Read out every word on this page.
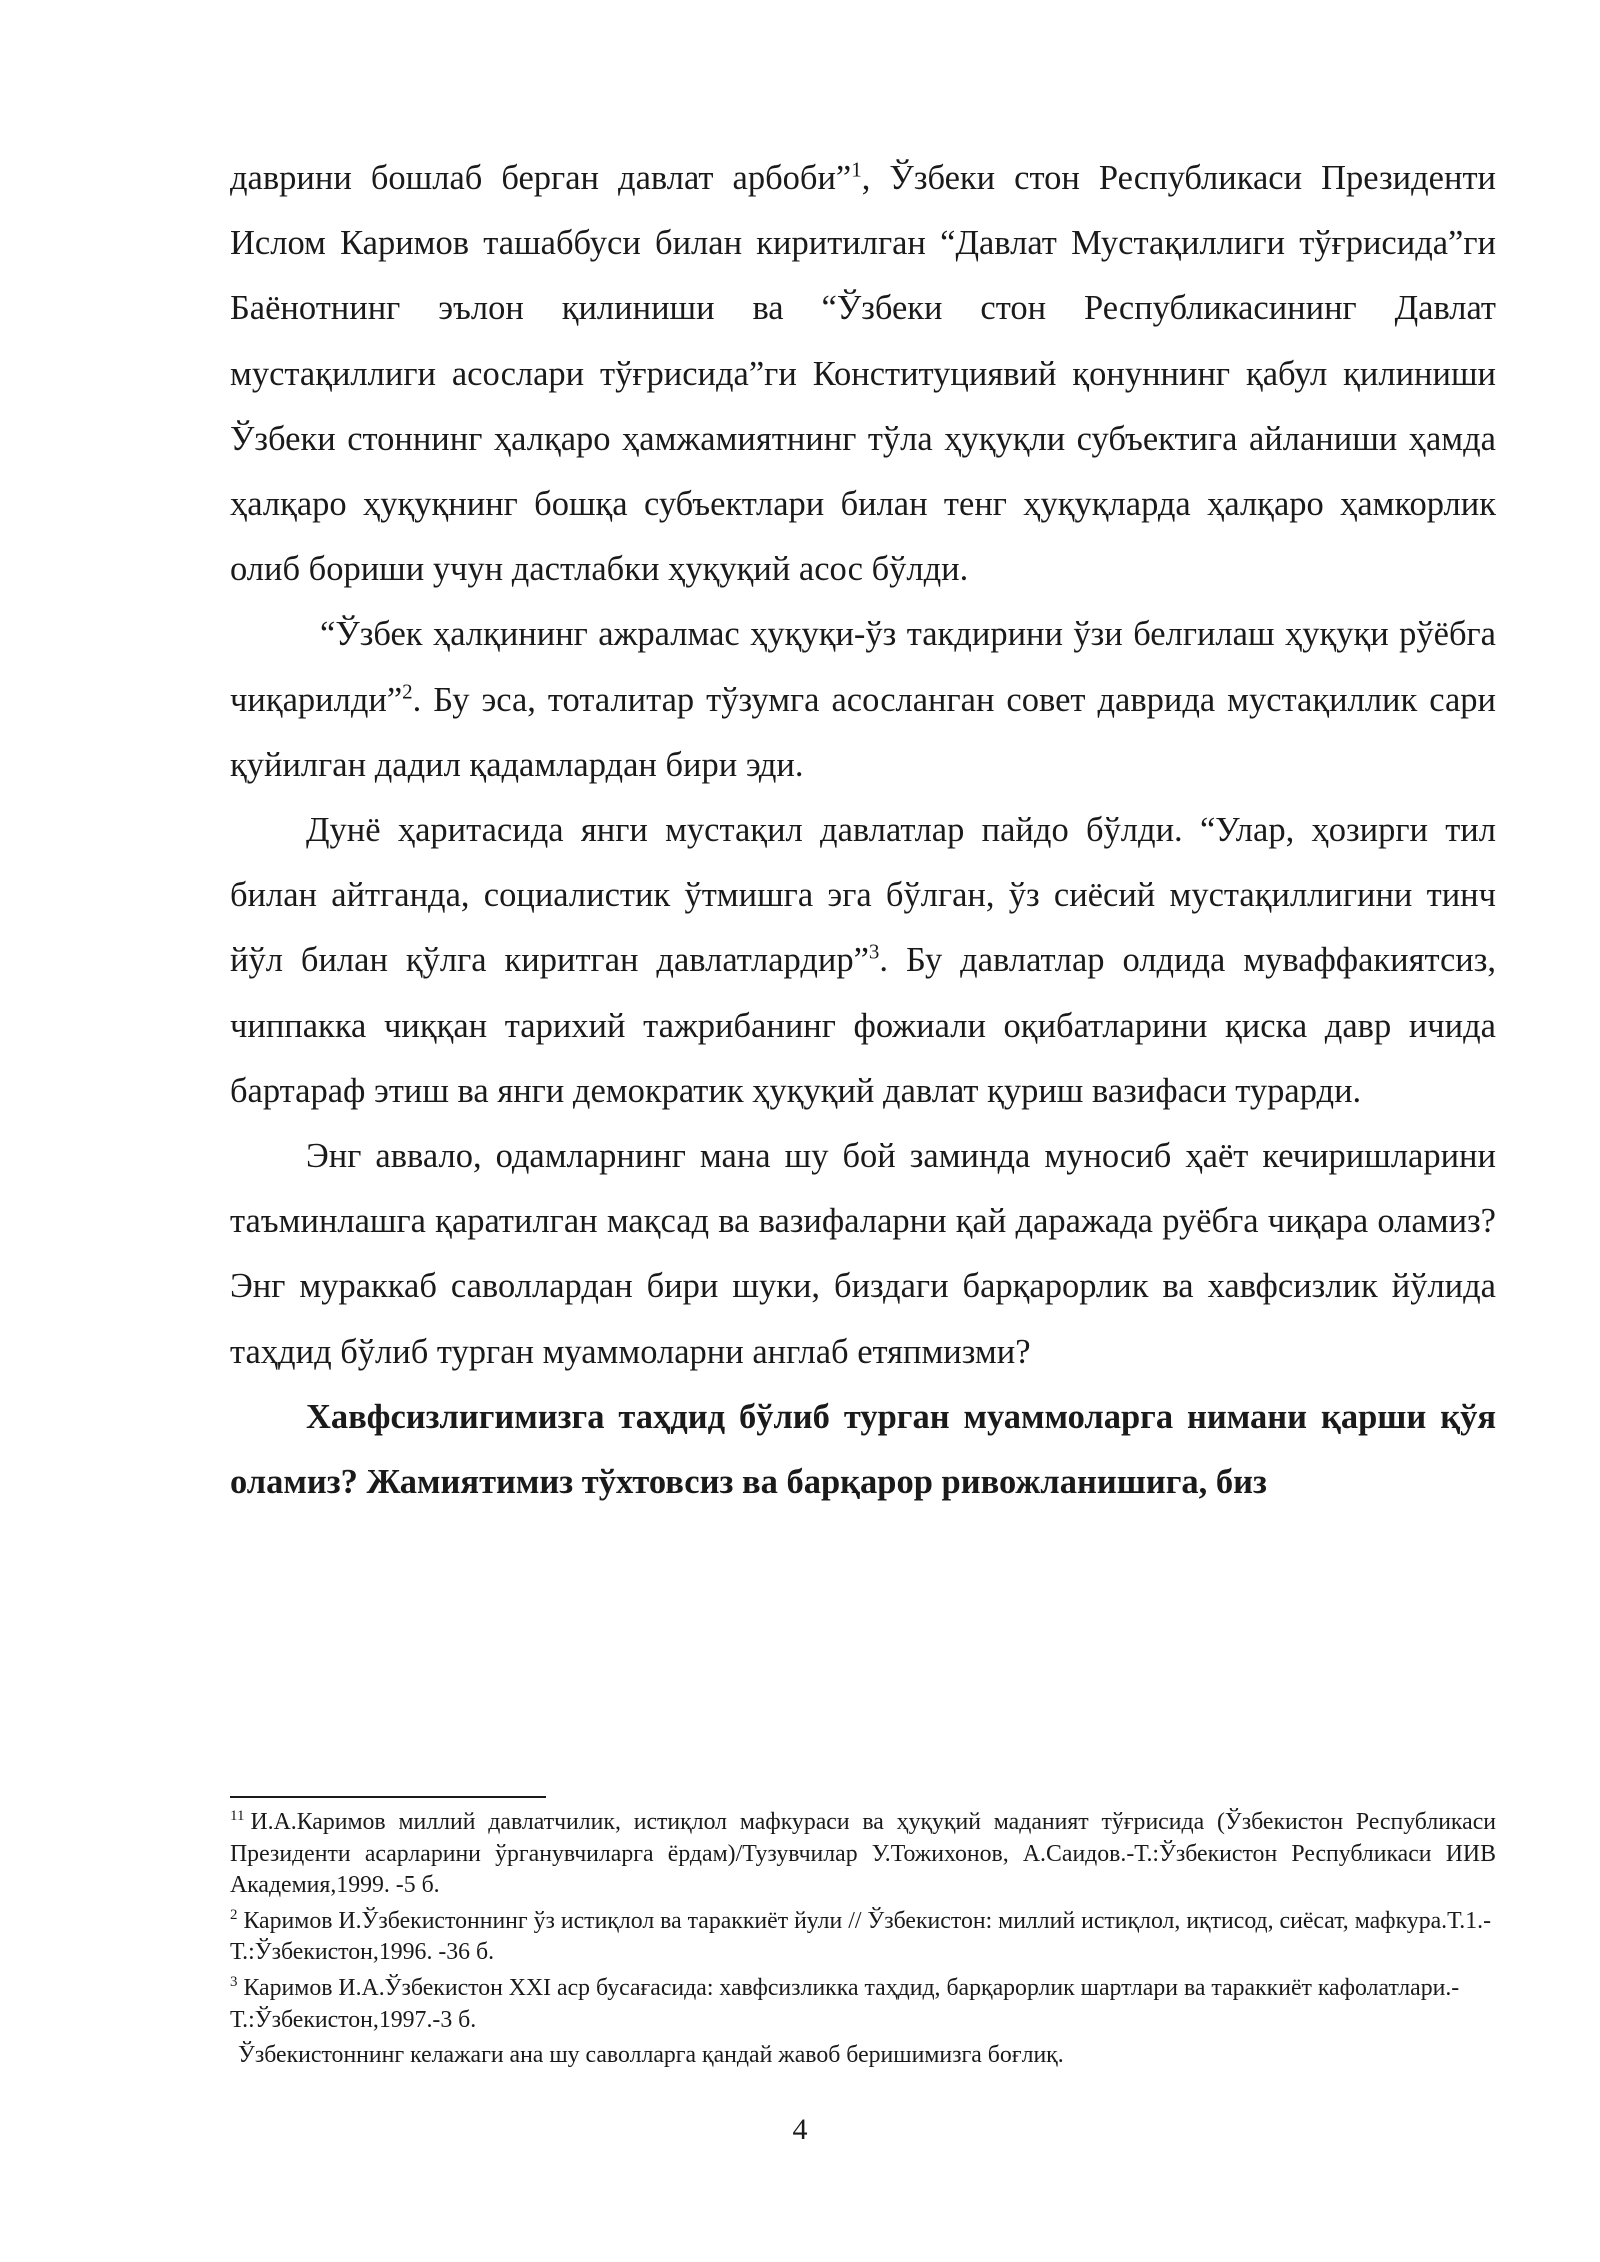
даврини бошлаб берган давлат арбоби”$^1$, Ўзбеки стон Республикаси Президенти Ислом Каримов ташаббуси билан киритилган “Давлат Мустақиллиги тўғрисида”ги Баёнотнинг эълон қилиниши ва “Ўзбеки стон Республикасининг Давлат мустақиллиги асослари тўғрисида”ги Конституциявий қонуннинг қабул қилиниши Ўзбеки стоннинг ҳалқаро ҳамжамиятнинг тўла ҳуқуқли субъектига айланиши ҳамда ҳалқаро ҳуқуқнинг бошқа субъектлари билан тенг ҳуқуқларда ҳалқаро ҳамкорлик олиб бориши учун дастлабки ҳуқуқий асос бўлди.

“Ўзбек ҳалқининг ажралмас ҳуқуқи-ўз такдирини ўзи белгилаш ҳуқуқи рўёбга чиқарилди”$^2$. Бу эса, тоталитар тўзумга асосланган совет даврида мустақиллик сари қуйилган дадил қадамлардан бири эди.

Дунё ҳаритасида янги мустақил давлатлар пайдо бўлди. “Улар, ҳозирги тил билан айтганда, социалистик ўтмишга эга бўлган, ўз сиёсий мустақиллигини тинч йўл билан қўлга киритган давлатлардир”$^3$. Бу давлатлар олдида муваффакиятсиз, чиппакка чиққан тарихий тажрибанинг фожиали оқибатларини қиска давр ичида бартараф этиш ва янги демократик ҳуқуқий давлат қуриш вазифаси турарди.

Энг аввало, одамларнинг мана шу бой заминда муносиб ҳаёт кечиришларини таъминлашга қаратилган мақсад ва вазифаларни қай даражада руёбга чиқара оламиз? Энг мураккаб саволлардан бири шуки, биздаги барқарорлик ва хавфсизлик йўлида таҳдид бўлиб турган муаммоларни англаб етяпмизми?

Хавфсизлигимизга таҳдид бўлиб турган муаммоларга нимани қарши қўя оламиз? Жамиятимиз тўхтовсиз ва барқарор ривожланишига, биз

$^{11}$ И.А.Каримов миллий давлатчилик, истиқлол мафкураси ва ҳуқуқий маданият тўғрисида (Ўзбекистон Республикаси Президенти асарларини ўрганувчиларга ёрдам)/Тузувчилар У.Тожихонов, А.Саидов.-Т.:Ўзбекистон Республикаси ИИВ Академия,1999. -5 б.

$^2$ Каримов И.Ўзбекистоннинг ўз истиқлол ва тараккиёт йули // Ўзбекистон: миллий истиқлол, иқтисод, сиёсат, мафкура.Т.1.-Т.:Ўзбекистон,1996. -36 б.

$^3$ Каримов И.А.Ўзбекистон XXI аср бусағасида: хавфсизликка таҳдид, барқарорлик шартлари ва тараккиёт кафолатлари.-Т.:Ўзбекистон,1997.-3 б.

Ўзбекистоннинг келажаги ана шу саволларга қандай жавоб беришимизга боғлиқ.

4
